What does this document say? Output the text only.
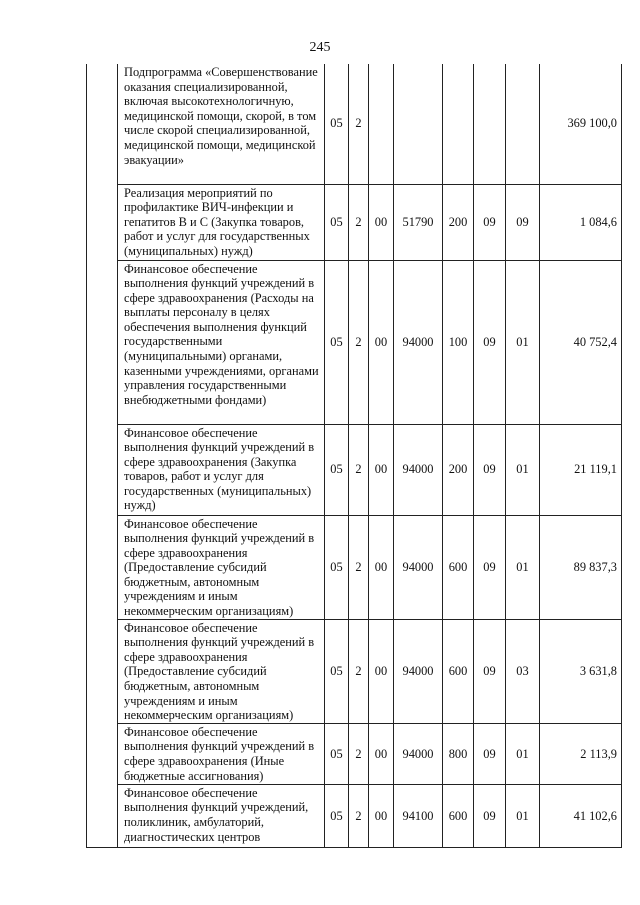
245
	Подпрограмма «Совершенствование оказания специализированной, включая высокотехнологичную, медицинской помощи, скорой, в том числе скорой специализированной, медицинской помощи, медицинской эвакуации»	05	2						369 100,0
	Реализация мероприятий по профилактике ВИЧ-инфекции и гепатитов В и С (Закупка товаров, работ и услуг для государственных (муниципальных) нужд)	05	2	00	51790	200	09	09	1 084,6
	Финансовое обеспечение выполнения функций учреждений в сфере здравоохранения (Расходы на выплаты персоналу в целях обеспечения выполнения функций государственными (муниципальными) органами, казенными учреждениями, органами управления государственными внебюджетными фондами)	05	2	00	94000	100	09	01	40 752,4
	Финансовое обеспечение выполнения функций учреждений в сфере здравоохранения (Закупка товаров, работ и услуг для государственных (муниципальных) нужд)	05	2	00	94000	200	09	01	21 119,1
	Финансовое обеспечение выполнения функций учреждений в сфере здравоохранения (Предоставление субсидий бюджетным, автономным учреждениям и иным некоммерческим организациям)	05	2	00	94000	600	09	01	89 837,3
	Финансовое обеспечение выполнения функций учреждений в сфере здравоохранения (Предоставление субсидий бюджетным, автономным учреждениям и иным некоммерческим организациям)	05	2	00	94000	600	09	03	3 631,8
	Финансовое обеспечение выполнения функций учреждений в сфере здравоохранения (Иные бюджетные ассигнования)	05	2	00	94000	800	09	01	2 113,9
	Финансовое обеспечение выполнения функций учреждений, поликлиник, амбулаторий, диагностических центров	05	2	00	94100	600	09	01	41 102,6
